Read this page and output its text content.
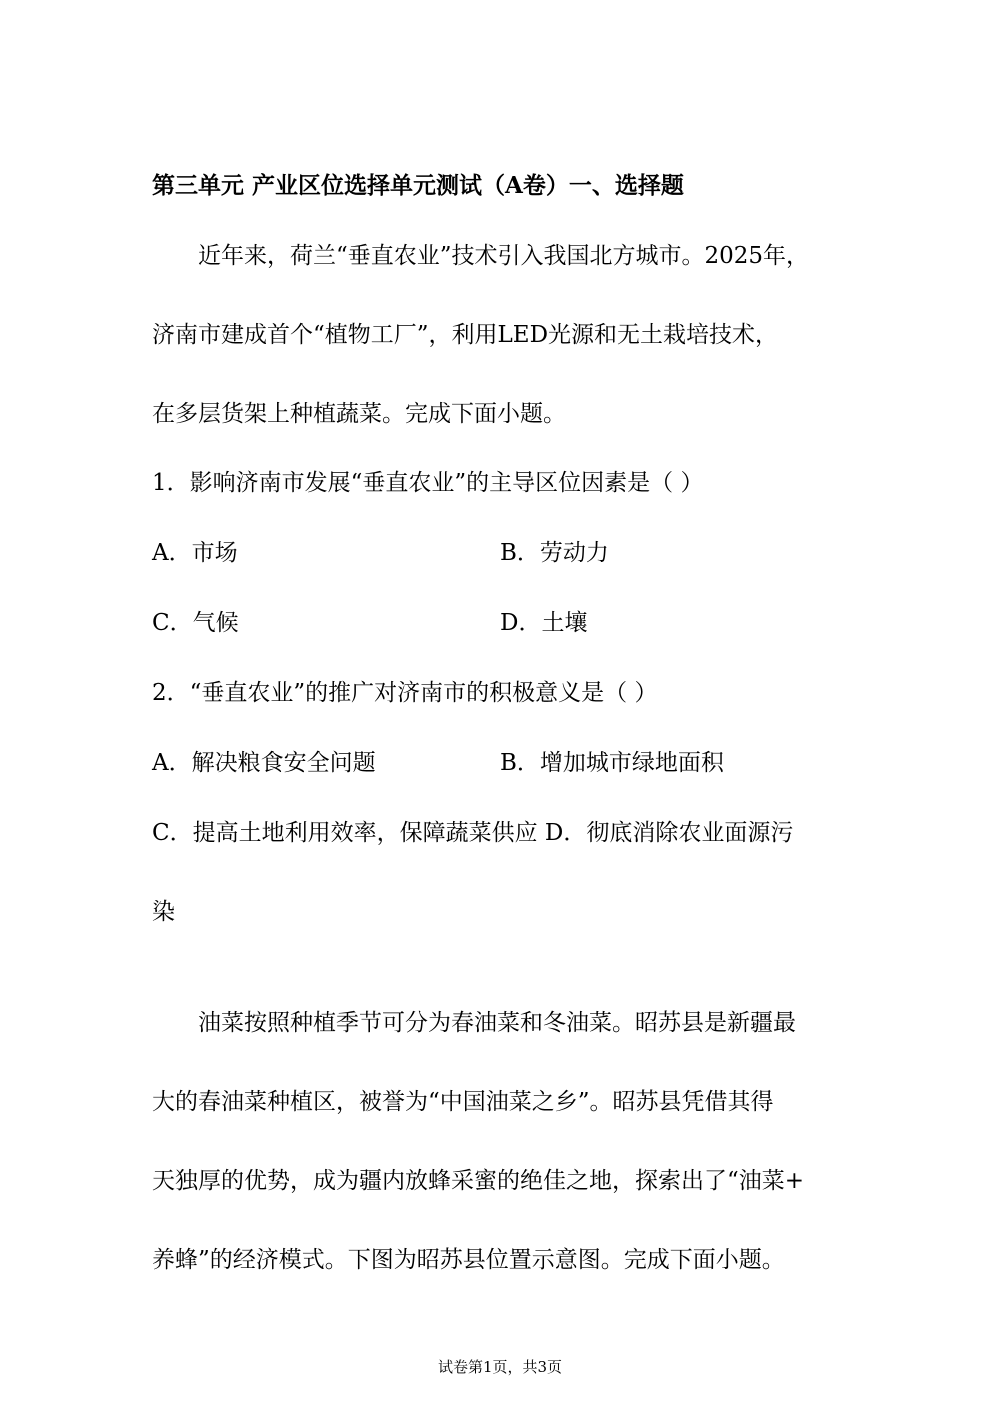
第三单元 产业区位选择单元测试（A卷）一、选择题
近年来，荷兰“垂直农业”技术引入我国北方城市。2025年，
济南市建成首个“植物工厂”，利用LED光源和无土栽培技术，
在多层货架上种植蔬菜。完成下面小题。
1．影响济南市发展“垂直农业”的主导区位因素是（ ）
A．市场	B．劳动力
C．气候	D．土壤
2．“垂直农业”的推广对济南市的积极意义是（ ）
A．解决粮食安全问题	B．增加城市绿地面积
C．提高土地利用效率，保障蔬菜供应 D．彻底消除农业面源污
染
油菜按照种植季节可分为春油菜和冬油菜。昭苏县是新疆最
大的春油菜种植区，被誉为“中国油菜之乡”。昭苏县凭借其得
天独厚的优势，成为疆内放蜂采蜜的绝佳之地，探索出了“油菜+
养蜂”的经济模式。下图为昭苏县位置示意图。完成下面小题。
试卷第1页，共3页
